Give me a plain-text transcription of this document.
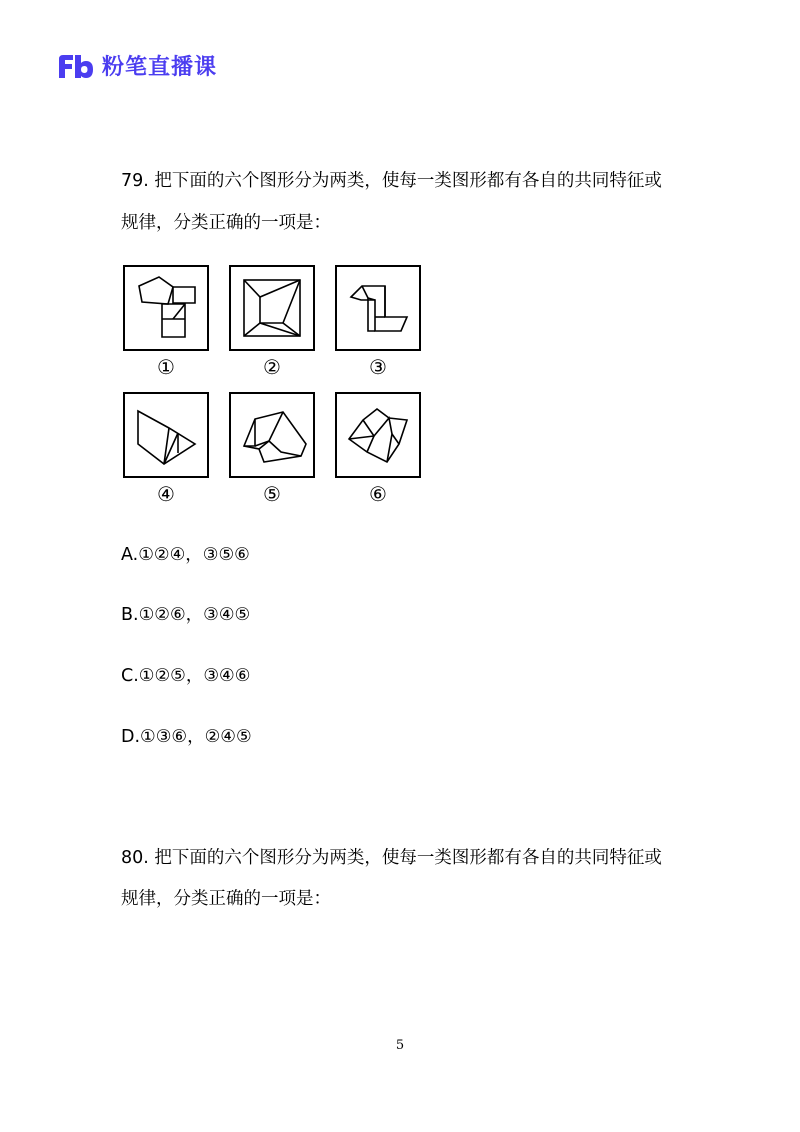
粉笔直播课
79. 把下面的六个图形分为两类，使每一类图形都有各自的共同特征或
规律，分类正确的一项是：
①	②	③
④	⑤	⑥
A.①②④，③⑤⑥
B.①②⑥，③④⑤
C.①②⑤，③④⑥
D.①③⑥，②④⑤
80. 把下面的六个图形分为两类，使每一类图形都有各自的共同特征或
规律，分类正确的一项是：
5
